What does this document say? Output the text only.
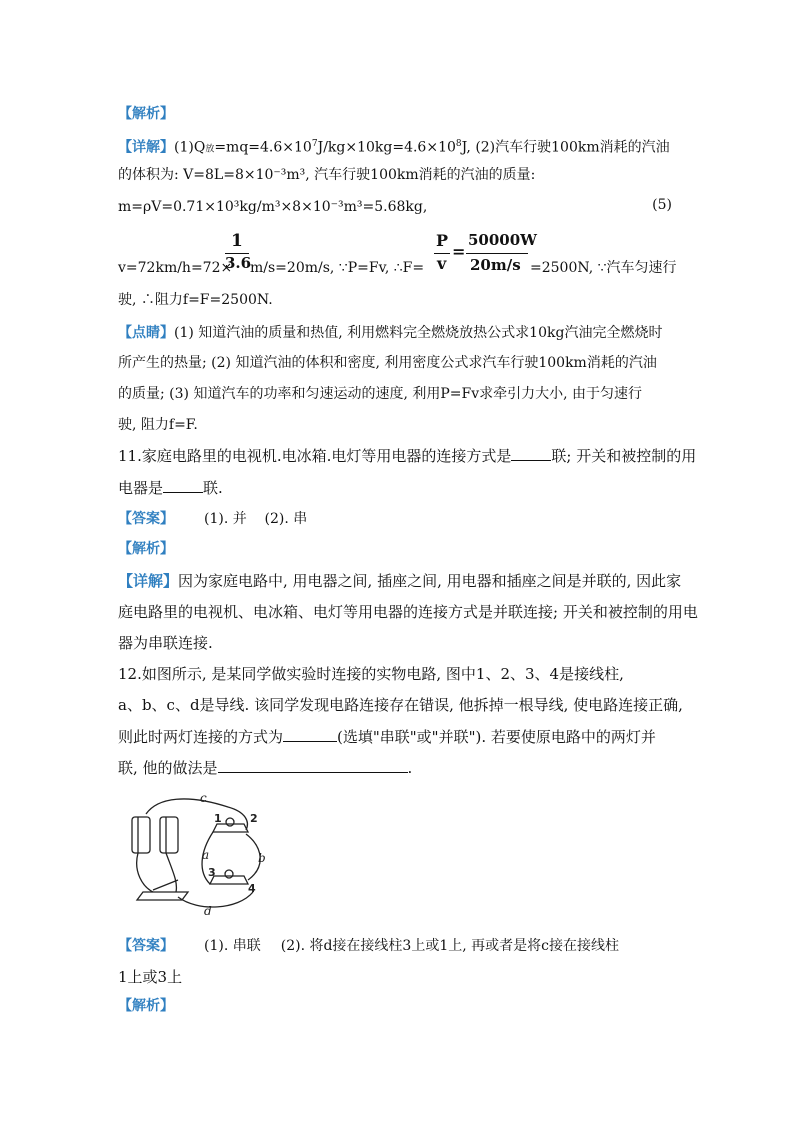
【解析】
【详解】(1)Q放$=mq=4.6\times 10^7J/kg\times 10kg=4.6\times 10^8J$, (2)汽车行驶100km消耗的汽油
的体积为: V=8L=8×10⁻³m³, 汽车行驶100km消耗的汽油的质量:
m=ρV=0.71×10³kg/m³×8×10⁻³m³=5.68kg,	(5)
1
3.6
P
v
=
50000W
20m/s
v=72km/h=72× m/s=20m/s, ∵P=Fv, ∴F=	=2500N, ∵汽车匀速行
驶, ∴阻力f=F=2500N.
【点睛】(1) 知道汽油的质量和热值, 利用燃料完全燃烧放热公式求10kg汽油完全燃烧时
所产生的热量; (2) 知道汽油的体积和密度, 利用密度公式求汽车行驶100km消耗的汽油
的质量; (3) 知道汽车的功率和匀速运动的速度, 利用P=Fv求牵引力大小, 由于匀速行
驶, 阻力f=F.
11.家庭电路里的电视机.电冰箱.电灯等用电器的连接方式是	联; 开关和被控制的用
电器是	联.
【答案】 (1). 并    (2). 串
【解析】
【详解】因为家庭电路中, 用电器之间, 插座之间, 用电器和插座之间是并联的, 因此家
庭电路里的电视机、电冰箱、电灯等用电器的连接方式是并联连接; 开关和被控制的用电
器为串联连接.
12.如图所示, 是某同学做实验时连接的实物电路, 图中1、2、3、4是接线柱,
a、b、c、d是导线. 该同学发现电路连接存在错误, 他拆掉一根导线, 使电路连接正确,
则此时两灯连接的方式为	(选填"串联"或"并联"). 若要使原电路中的两灯并
联, 他的做法是	.
c
a	b
d
1	2
3
4
【答案】 (1). 串联 (2). 将d接在接线柱3上或1上, 再或者是将c接在接线柱
1上或3上
【解析】
